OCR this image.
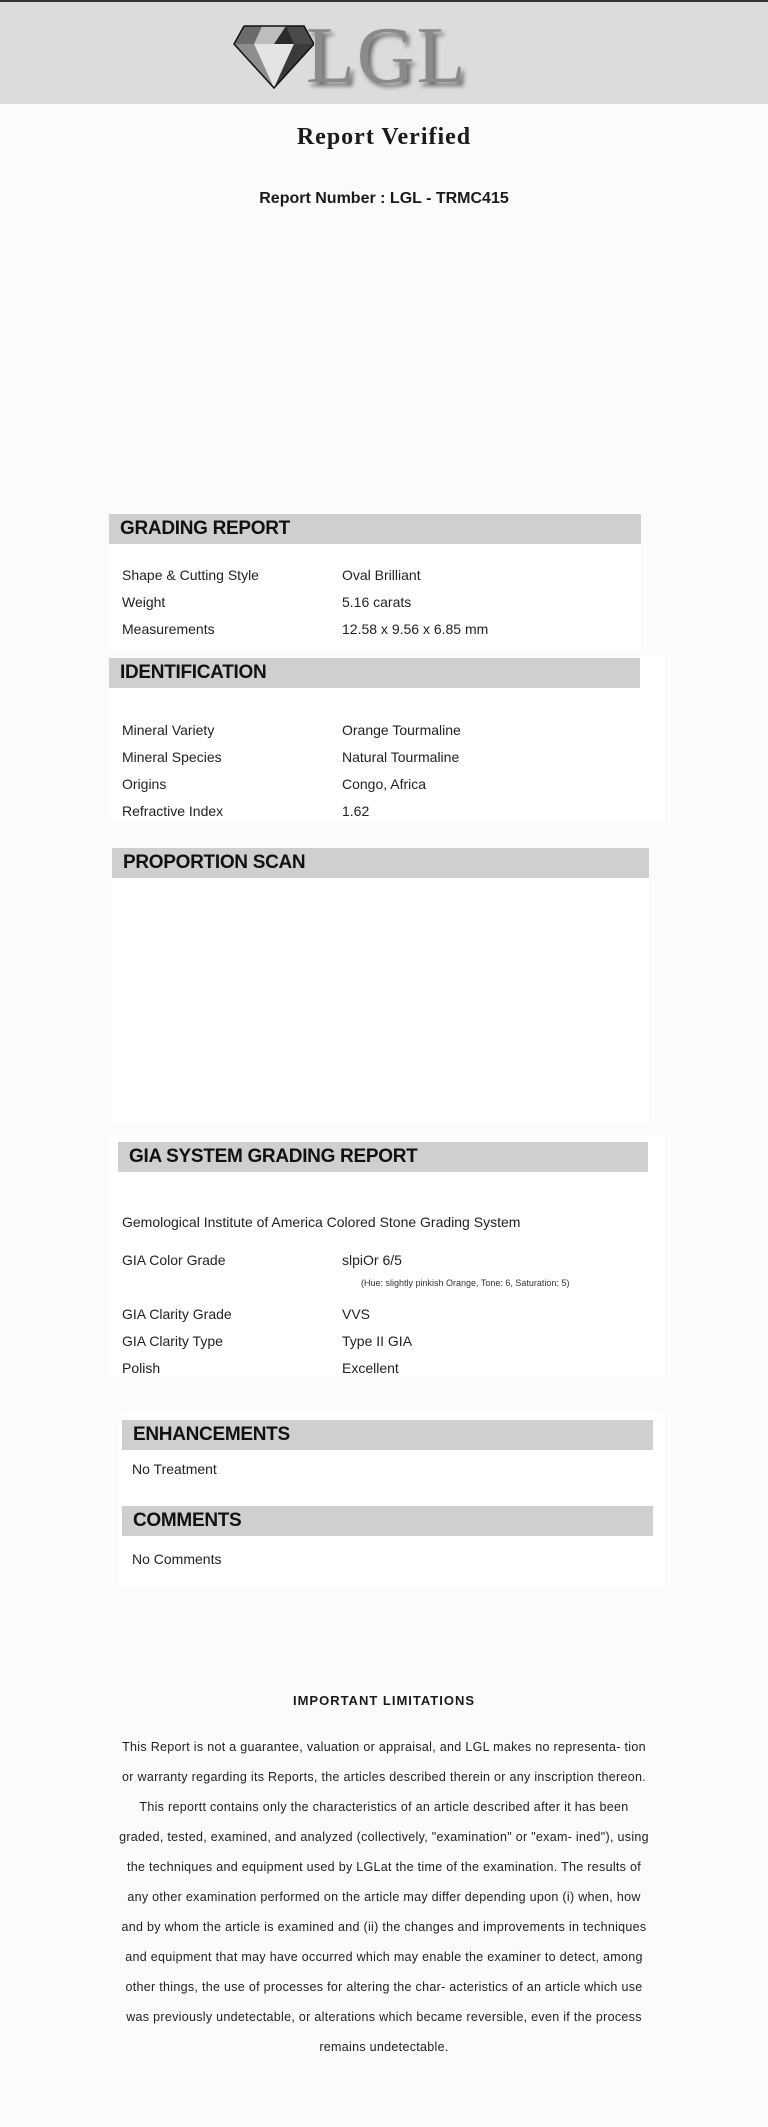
LGL
Report Verified
Report Number : LGL - TRMC415
GRADING REPORT
Shape & Cutting Style	Oval Brilliant
Weight	5.16 carats
Measurements	12.58 x 9.56 x 6.85 mm
IDENTIFICATION
Mineral Variety	Orange Tourmaline
Mineral Species	Natural Tourmaline
Origins	Congo, Africa
Refractive Index	1.62
PROPORTION SCAN
GIA SYSTEM GRADING REPORT
Gemological Institute of America Colored Stone Grading System
GIA Color Grade	slpiOr 6/5
(Hue: slightly pinkish Orange, Tone: 6, Saturation: 5)
GIA Clarity Grade	VVS
GIA Clarity Type	Type II GIA
Polish	Excellent
ENHANCEMENTS
No Treatment
COMMENTS
No Comments
IMPORTANT LIMITATIONS
This Report is not a guarantee, valuation or appraisal, and LGL makes no representa- tion or warranty regarding its Reports, the articles described therein or any inscription thereon. This reportt contains only the characteristics of an article described after it has been graded, tested, examined, and analyzed (collectively, "examination" or "exam- ined"), using the techniques and equipment used by LGLat the time of the examination. The results of any other examination performed on the article may differ depending upon (i) when, how and by whom the article is examined and (ii) the changes and improvements in techniques and equipment that may have occurred which may enable the examiner to detect, among other things, the use of processes for altering the char- acteristics of an article which use was previously undetectable, or alterations which became reversible, even if the process remains undetectable.
